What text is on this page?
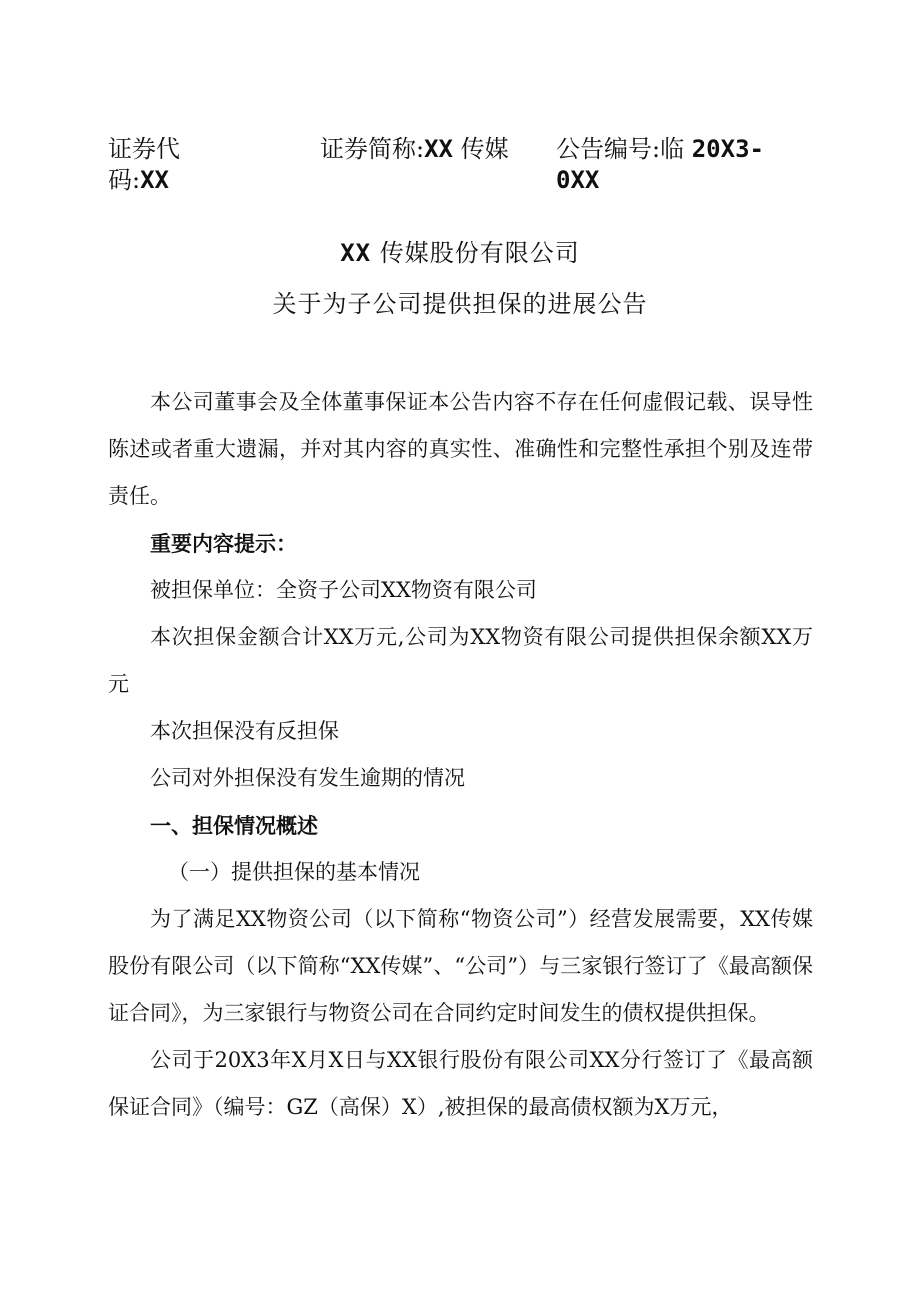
证券代码:XX
证券简称:XX 传媒	公告编号:临 20X3-0XX
XX 传媒股份有限公司
关于为子公司提供担保的进展公告

本公司董事会及全体董事保证本公告内容不存在任何虚假记载、误导性陈述或者重大遗漏，并对其内容的真实性、准确性和完整性承担个别及连带责任。

重要内容提示：

被担保单位：全资子公司XX物资有限公司

本次担保金额合计XX万元,公司为XX物资有限公司提供担保余额XX万元

本次担保没有反担保

公司对外担保没有发生逾期的情况

一、担保情况概述

（一）提供担保的基本情况

为了满足XX物资公司（以下简称“物资公司”）经营发展需要，XX传媒股份有限公司（以下简称“XX传媒”、“公司”）与三家银行签订了《最高额保证合同》，为三家银行与物资公司在合同约定时间发生的债权提供担保。

公司于20X3年X月X日与XX银行股份有限公司XX分行签订了《最高额保证合同》（编号：GZ（高保）X）,被担保的最高债权额为X万元，
